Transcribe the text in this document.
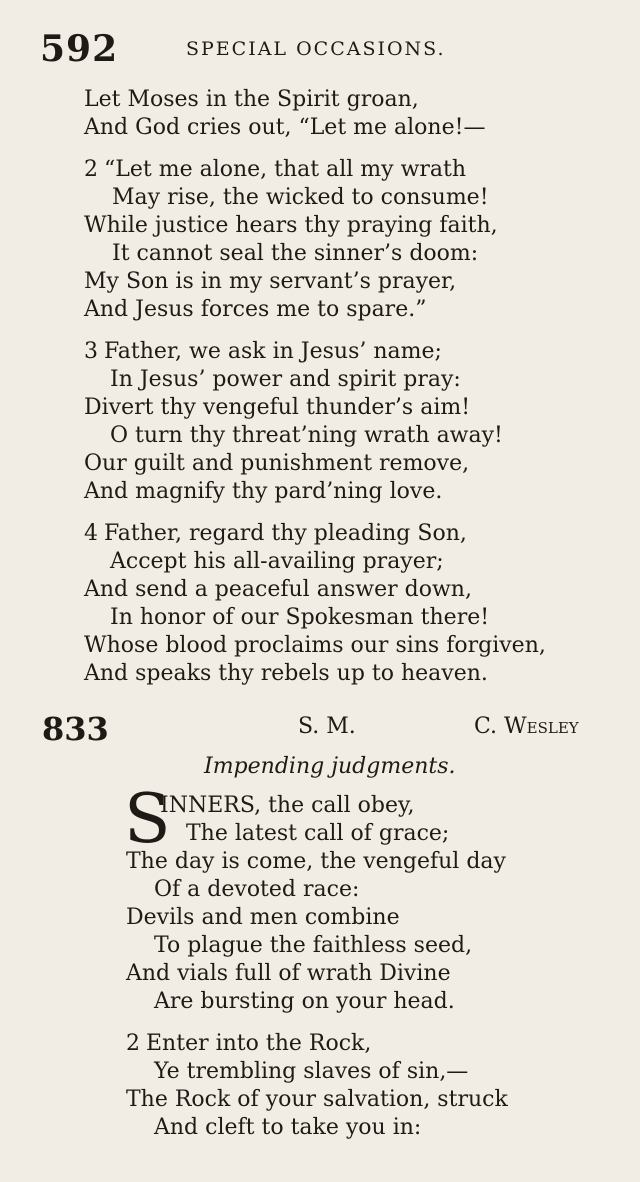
592	SPECIAL OCCASIONS.
Let Moses in the Spirit groan,
And God cries out, “Let me alone!—
2 “Let me alone, that all my wrath
May rise, the wicked to consume!
While justice hears thy praying faith,
It cannot seal the sinner’s doom:
My Son is in my servant’s prayer,
And Jesus forces me to spare.”
3 Father, we ask in Jesus’ name;
In Jesus’ power and spirit pray:
Divert thy vengeful thunder’s aim!
O turn thy threat’ning wrath away!
Our guilt and punishment remove,
And magnify thy pard’ning love.
4 Father, regard thy pleading Son,
Accept his all-availing prayer;
And send a peaceful answer down,
In honor of our Spokesman there!
Whose blood proclaims our sins forgiven,
And speaks thy rebels up to heaven.
833	S. M.	C. Wesley
Impending judgments.
S
INNERS, the call obey,
The latest call of grace;
The day is come, the vengeful day
Of a devoted race:
Devils and men combine
To plague the faithless seed,
And vials full of wrath Divine
Are bursting on your head.
2 Enter into the Rock,
Ye trembling slaves of sin,—
The Rock of your salvation, struck
And cleft to take you in:
